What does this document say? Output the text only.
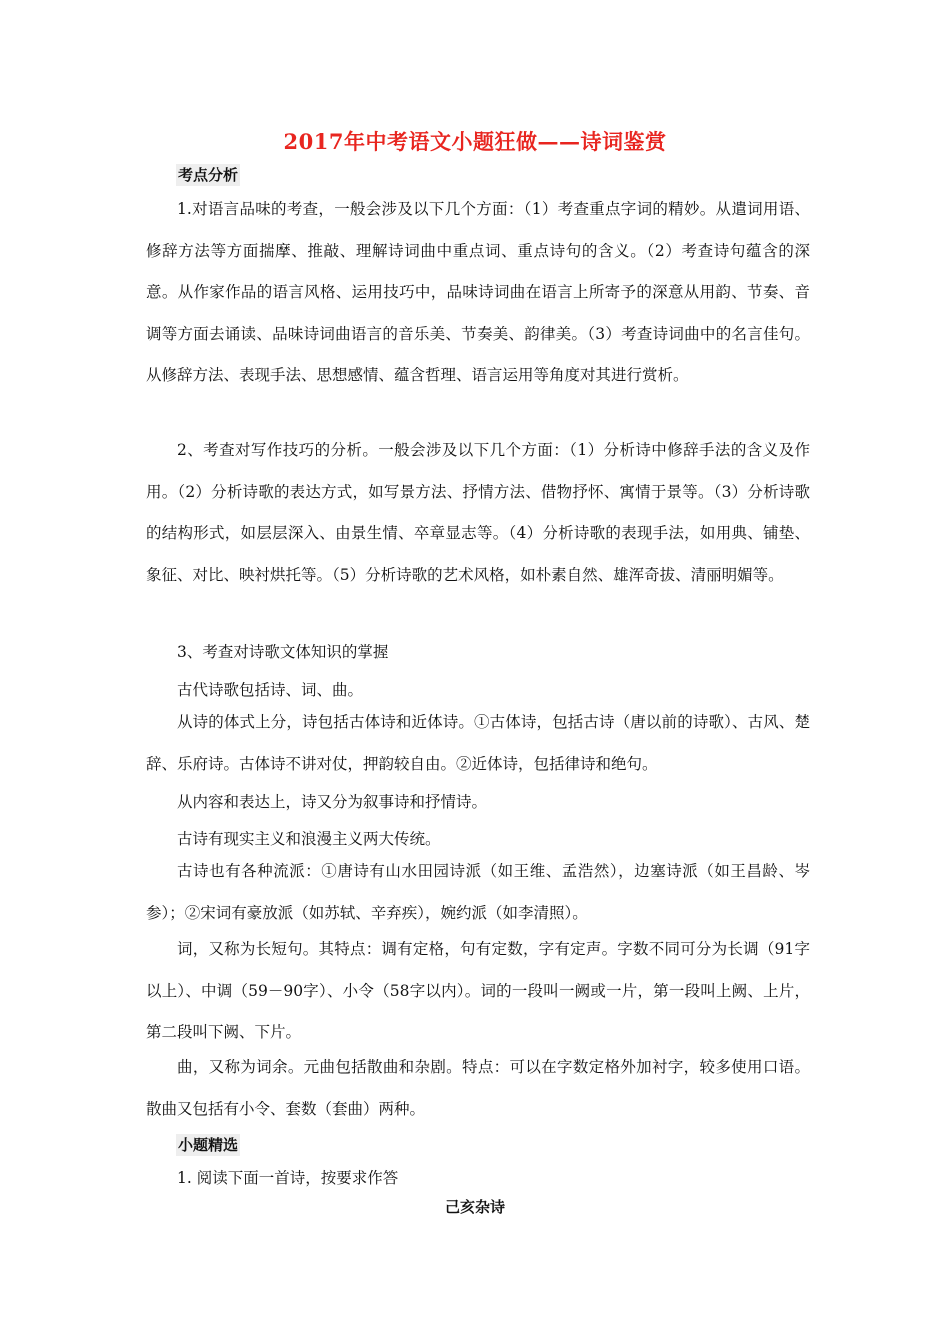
2017年中考语文小题狂做——诗词鉴赏
考点分析

1.对语言品味的考查，一般会涉及以下几个方面：（1）考查重点字词的精妙。从遣词用语、修辞方法等方面揣摩、推敲、理解诗词曲中重点词、重点诗句的含义。（2）考查诗句蕴含的深意。从作家作品的语言风格、运用技巧中，品味诗词曲在语言上所寄予的深意从用韵、节奏、音调等方面去诵读、品味诗词曲语言的音乐美、节奏美、韵律美。（3）考查诗词曲中的名言佳句。从修辞方法、表现手法、思想感情、蕴含哲理、语言运用等角度对其进行赏析。

2、考查对写作技巧的分析。一般会涉及以下几个方面：（1）分析诗中修辞手法的含义及作用。（2）分析诗歌的表达方式，如写景方法、抒情方法、借物抒怀、寓情于景等。（3）分析诗歌的结构形式，如层层深入、由景生情、卒章显志等。（4）分析诗歌的表现手法，如用典、铺垫、象征、对比、映衬烘托等。（5）分析诗歌的艺术风格，如朴素自然、雄浑奇拔、清丽明媚等。

3、考查对诗歌文体知识的掌握
古代诗歌包括诗、词、曲。

从诗的体式上分，诗包括古体诗和近体诗。①古体诗，包括古诗（唐以前的诗歌）、古风、楚辞、乐府诗。古体诗不讲对仗，押韵较自由。②近体诗，包括律诗和绝句。

从内容和表达上，诗又分为叙事诗和抒情诗。
古诗有现实主义和浪漫主义两大传统。

古诗也有各种流派：①唐诗有山水田园诗派（如王维、孟浩然），边塞诗派（如王昌龄、岑参）；②宋词有豪放派（如苏轼、辛弃疾），婉约派（如李清照）。

词，又称为长短句。其特点：调有定格，句有定数，字有定声。字数不同可分为长调（91字以上）、中调（59－90字）、小令（58字以内）。词的一段叫一阙或一片，第一段叫上阙、上片，第二段叫下阙、下片。

曲，又称为词余。元曲包括散曲和杂剧。特点：可以在字数定格外加衬字，较多使用口语。散曲又包括有小令、套数（套曲）两种。

小题精选
1. 阅读下面一首诗，按要求作答
己亥杂诗
